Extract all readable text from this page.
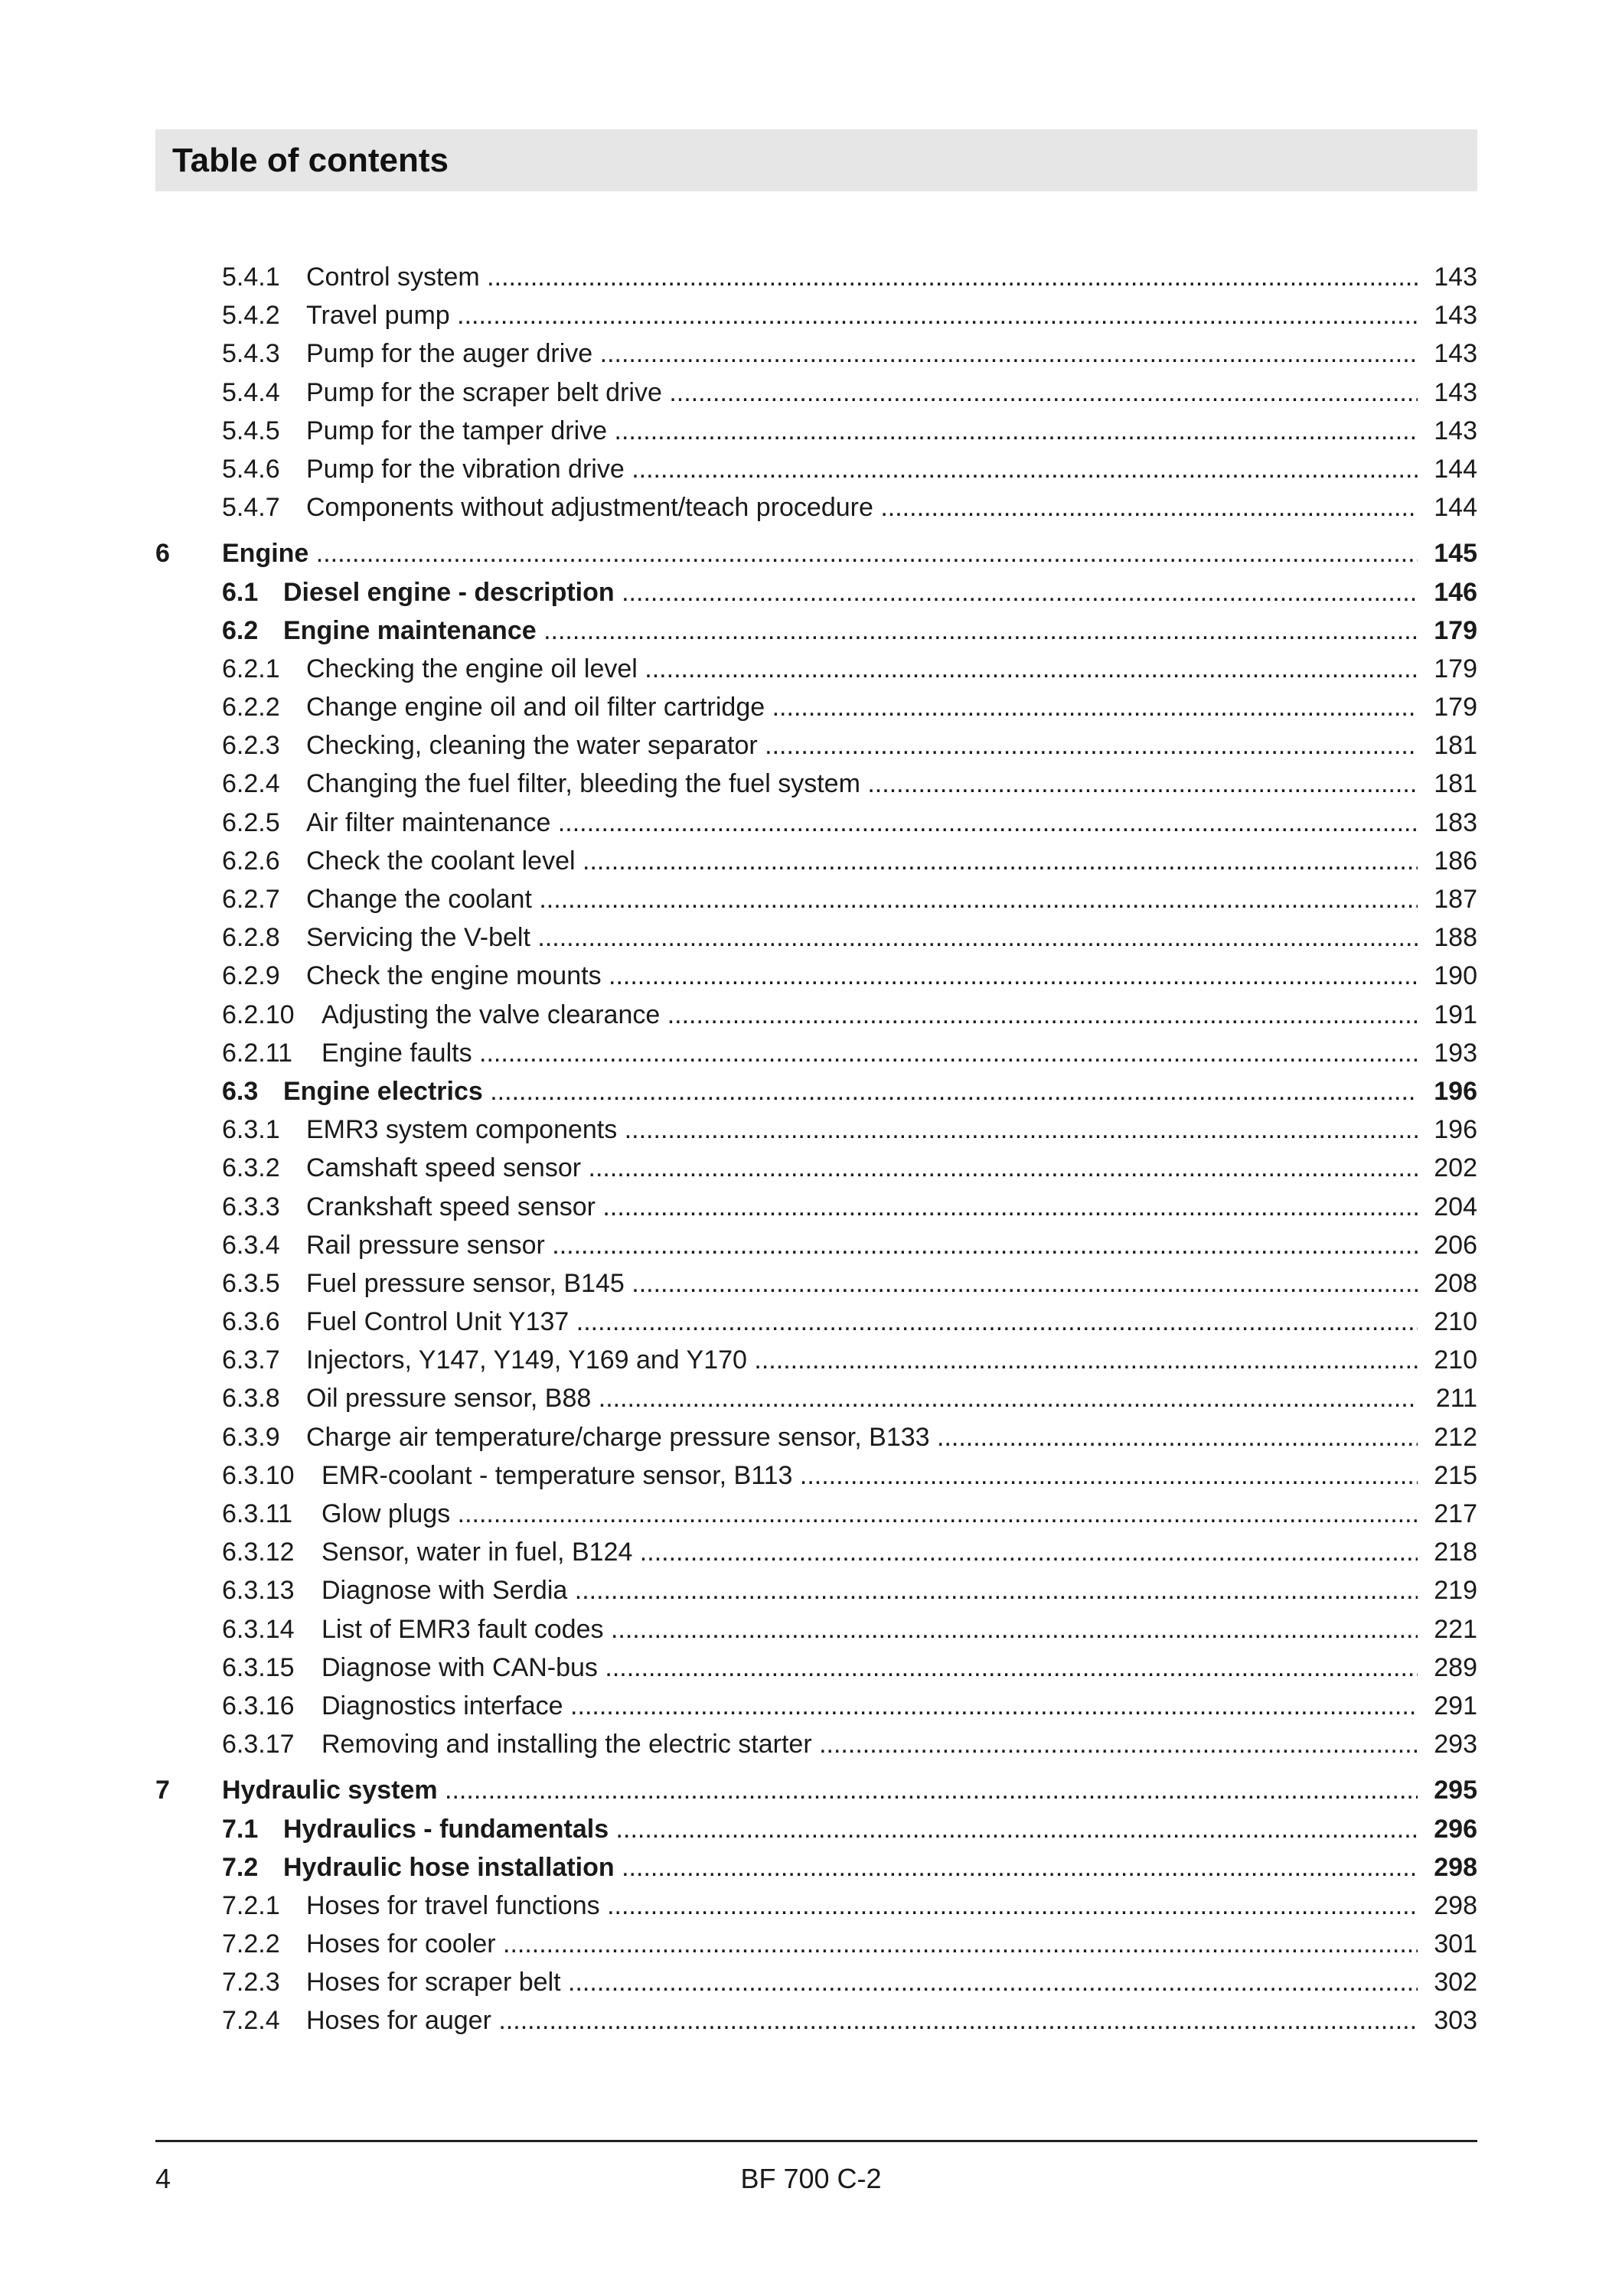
Table of contents
5.4.1 Control system .....	143
5.4.2 Travel pump .....	143
5.4.3 Pump for the auger drive .....	143
5.4.4 Pump for the scraper belt drive .....	143
5.4.5 Pump for the tamper drive .....	143
5.4.6 Pump for the vibration drive .....	144
5.4.7 Components without adjustment/teach procedure .....	144
6 Engine .....	145
6.1 Diesel engine - description .....	146
6.2 Engine maintenance .....	179
6.2.1 Checking the engine oil level .....	179
6.2.2 Change engine oil and oil filter cartridge .....	179
6.2.3 Checking, cleaning the water separator .....	181
6.2.4 Changing the fuel filter, bleeding the fuel system .....	181
6.2.5 Air filter maintenance .....	183
6.2.6 Check the coolant level .....	186
6.2.7 Change the coolant .....	187
6.2.8 Servicing the V-belt .....	188
6.2.9 Check the engine mounts .....	190
6.2.10 Adjusting the valve clearance .....	191
6.2.11 Engine faults .....	193
6.3 Engine electrics .....	196
6.3.1 EMR3 system components .....	196
6.3.2 Camshaft speed sensor .....	202
6.3.3 Crankshaft speed sensor .....	204
6.3.4 Rail pressure sensor .....	206
6.3.5 Fuel pressure sensor, B145 .....	208
6.3.6 Fuel Control Unit Y137 .....	210
6.3.7 Injectors, Y147, Y149, Y169 and Y170 .....	210
6.3.8 Oil pressure sensor, B88 .....	211
6.3.9 Charge air temperature/charge pressure sensor, B133 .....	212
6.3.10 EMR-coolant - temperature sensor, B113 .....	215
6.3.11 Glow plugs .....	217
6.3.12 Sensor, water in fuel, B124 .....	218
6.3.13 Diagnose with Serdia .....	219
6.3.14 List of EMR3 fault codes .....	221
6.3.15 Diagnose with CAN-bus .....	289
6.3.16 Diagnostics interface .....	291
6.3.17 Removing and installing the electric starter .....	293
7 Hydraulic system .....	295
7.1 Hydraulics - fundamentals .....	296
7.2 Hydraulic hose installation .....	298
7.2.1 Hoses for travel functions .....	298
7.2.2 Hoses for cooler .....	301
7.2.3 Hoses for scraper belt .....	302
7.2.4 Hoses for auger .....	303
4	BF 700 C-2
